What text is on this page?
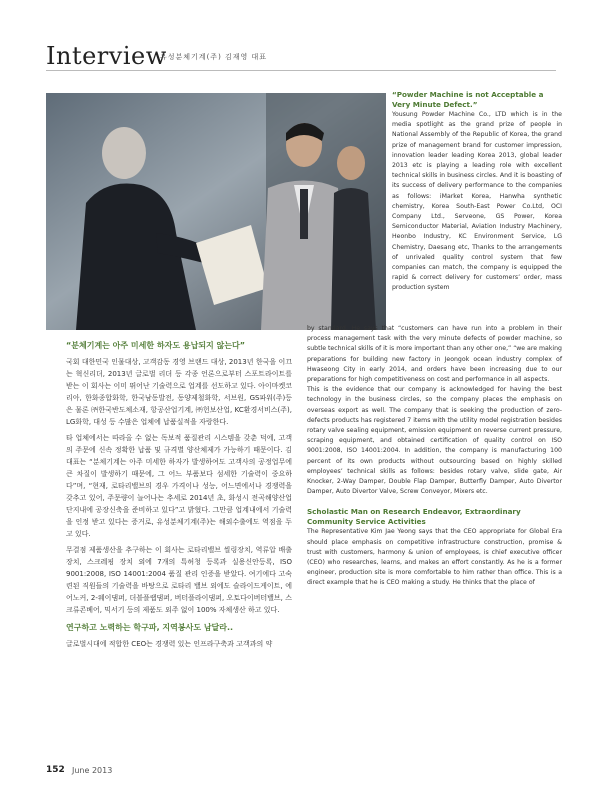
Interview
유성분체기계(주) 김재영 대표

“Powder Machine is not Acceptable a Very Minute Defect.”

Yousung Powder Machine Co., LTD which is in the media spotlight as the grand prize of people in National Assembly of the Republic of Korea, the grand prize of management brand for customer impression, innovation leader leading Korea 2013, global leader 2013 etc is playing a leading role with excellent technical skills in business circles. And it is boasting of its success of delivery performance to the companies as follows: iMarket Korea, Hanwha synthetic chemistry, Korea South-East Power Co.Ltd, OCI Company Ltd., Serveone, GS Power, Korea Semiconductor Material, Aviation Industry Machinery, Heonbo Industry, KC Environment Service, LG Chemistry, Daesang etc, Thanks to the arrangements of unrivaled quality control system that few companies can match, the company is equipped the rapid & correct delivery for customers’ order, mass production system

“분체기계는 아주 미세한 하자도 용납되지 않는다”

국회 대한민국 인물대상, 고객감동 경영 브랜드 대상, 2013년 한국을 이끄는 혁신리더, 2013년 글로벌 리더 등 각종 언론으로부터 스포트라이트를 받는 이 회사는 이미 뛰어난 기술력으로 업계를 선도하고 있다. 아이마켓코리아, 한화종합화학, 한국남동발전, 동양제철화학, 서브원, GS파워(주)등은 물론 ㈜한국반도체소재, 항공산업기계, ㈜헌보산업, KC환경서비스(주), LG화학, 대성 등 수많은 업체에 납품실적을 자랑한다.

타 업체에서는 따라올 수 없는 독보적 품질관리 시스템을 갖춘 덕에, 고객의 주문에 신속 정확한 납품 및 규격별 양산체제가 가능하기 때문이다. 김 대표는 “분체기계는 아주 미세한 하자가 발생하여도 고객사의 공정업무에 큰 차질이 발생하기 때문에, 그 어느 부품보다 섬세한 기술력이 중요하다”며, “현재, 로타리밸브의 경우 가격이나 성능, 어느면에서나 경쟁력을 갖추고 있어, 주문량이 늘어나는 추세로 2014년 초, 화성시 전곡해양산업단지내에 공장신축을 준비하고 있다”고 밝혔다. 그만큼 업계내에서 기술력을 인정 받고 있다는 증거로, 유성분체기계(주)는 해외수출에도 역점을 두고 있다.

무결점 제품생산을 추구하는 이 회사는 로타리밸브 씰링장치, 역류압 배출장치, 스크레핑 장치 외에 7개의 특허청 등록과 실용신안등록, ISO 9001:2008, ISO 14001:2004 품질 관리 인증을 받았다. 여기에다 고숙련된 직원들의 기술력을 바탕으로 로타리 밸브 외에도 슬라이드게이트, 에어노커, 2-웨이댐퍼, 더블플랩댐퍼, 버터플라이댐퍼, 오토다이버터밸브, 스크류콘베어, 믹서기 등의 제품도 외주 없이 100% 자체생산 하고 있다.

연구하고 노력하는 학구파, 지역봉사도 남달라..

글로벌시대에 적합한 CEO는 경쟁력 있는 인프라구축과 고객과의 약

by standard. He says that “customers can have run into a problem in their process management task with the very minute defects of powder machine, so subtle technical skills of it is more important than any other one,” “we are making preparations for building new factory in Jeongok ocean industry complex of Hwaseong City in early 2014, and orders have been increasing due to our preparations for high competitiveness on cost and performance in all aspects.

This is the evidence that our company is acknowledged for having the best technology in the business circles, so the company places the emphasis on overseas export as well. The company that is seeking the production of zero-defects products has registered 7 items with the utility model registration besides rotary valve sealing equipment, emission equipment on reverse current pressure, scraping equipment, and obtained certification of quality control on ISO 9001:2008, ISO 14001:2004. In addition, the company is manufacturing 100 percent of its own products without outsourcing based on highly skilled employees’ technical skills as follows: besides rotary valve, slide gate, Air Knocker, 2-Way Damper, Double Flap Damper, Butterfly Damper, Auto Divertor Damper, Auto Divertor Valve, Screw Conveyor, Mixers etc.

Scholastic Man on Research Endeavor, Extraordinary Community Service Activities

The Representative Kim Jae Yeong says that the CEO appropriate for Global Era should place emphasis on competitive infrastructure construction, promise & trust with customers, harmony & union of employees, is chief executive officer (CEO) who researches, learns, and makes an effort constantly. As he is a former engineer, production site is more comfortable to him rather than office. This is a direct example that he is CEO making a study. He thinks that the place of

152 June 2013
